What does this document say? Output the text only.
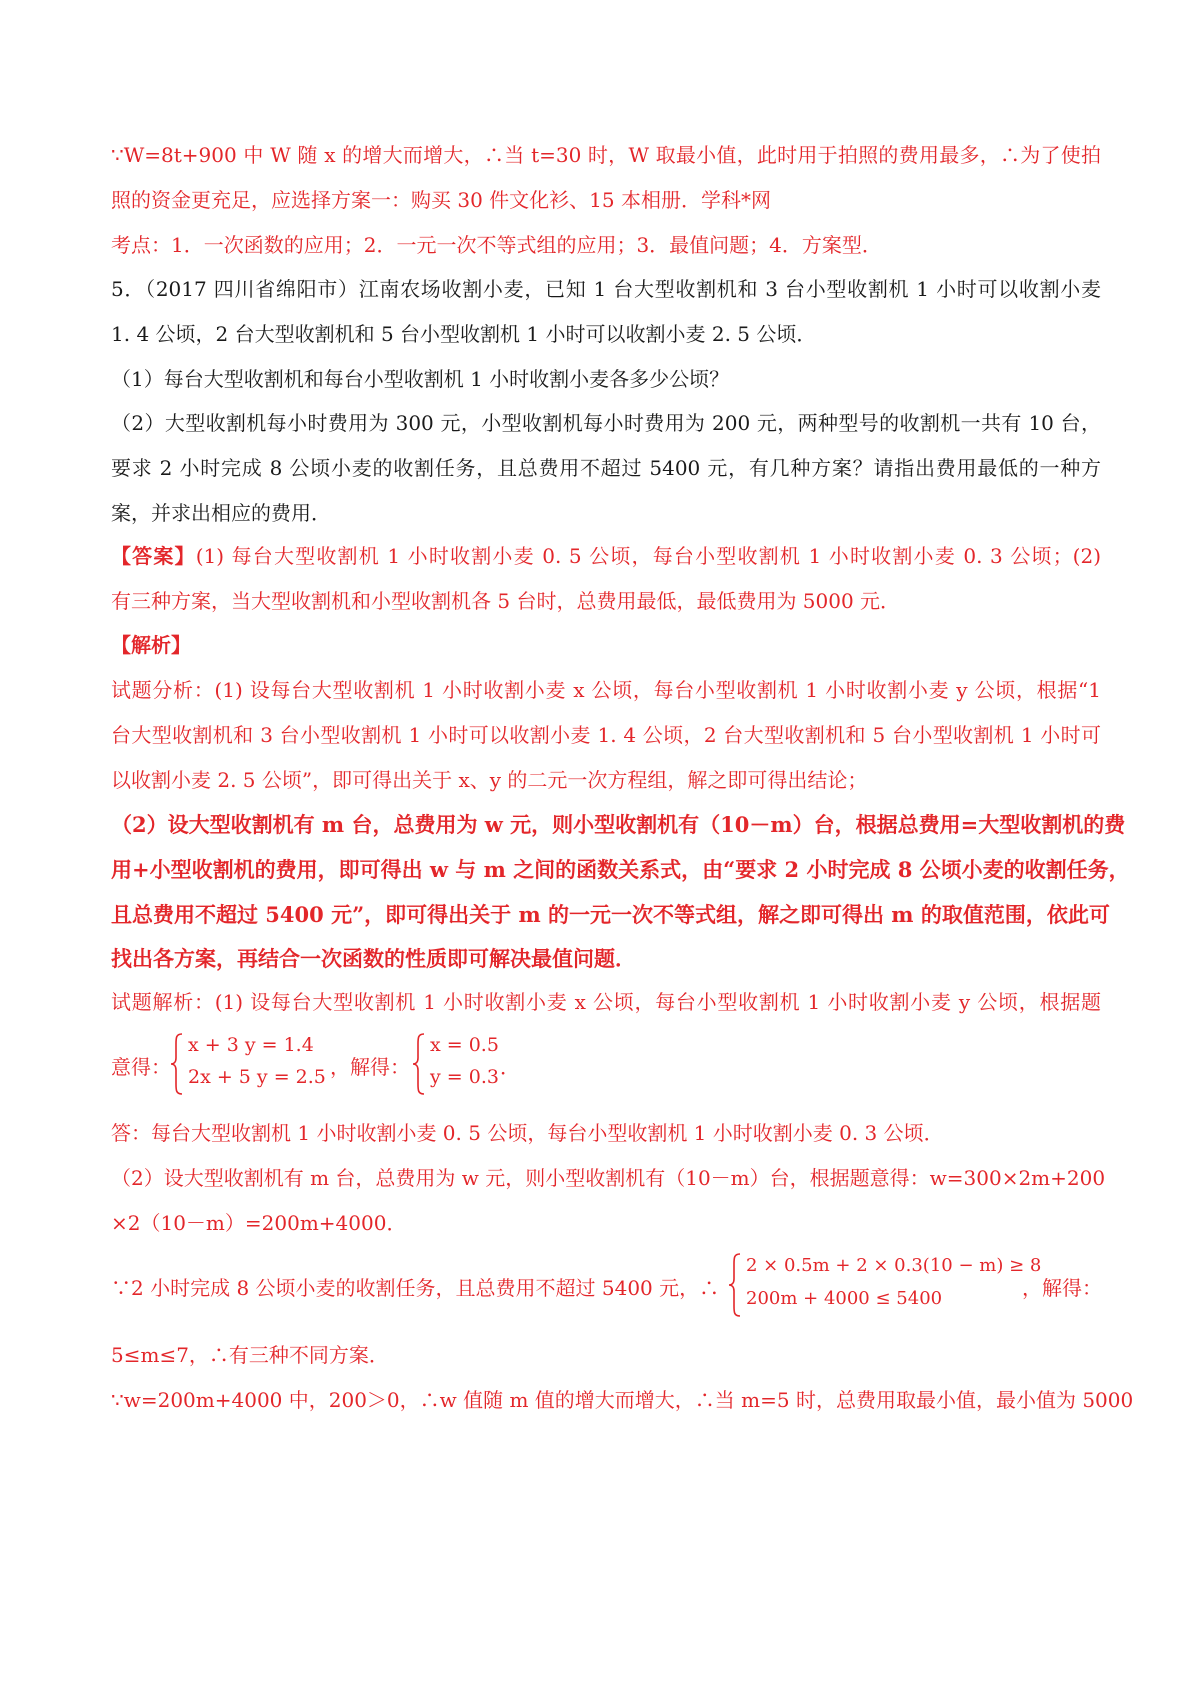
∵W=8t+900 中 W 随 x 的增大而增大，∴当 t=30 时，W 取最小值，此时用于拍照的费用最多，∴为了使拍
照的资金更充足，应选择方案一：购买 30 件文化衫、15 本相册．学科*网
考点：1．一次函数的应用；2．一元一次不等式组的应用；3．最值问题；4．方案型．
5．（2017 四川省绵阳市）江南农场收割小麦，已知 1 台大型收割机和 3 台小型收割机 1 小时可以收割小麦
1. 4 公顷，2 台大型收割机和 5 台小型收割机 1 小时可以收割小麦 2. 5 公顷．
（1）每台大型收割机和每台小型收割机 1 小时收割小麦各多少公顷？
（2）大型收割机每小时费用为 300 元，小型收割机每小时费用为 200 元，两种型号的收割机一共有 10 台，
要求 2 小时完成 8 公顷小麦的收割任务，且总费用不超过 5400 元，有几种方案？请指出费用最低的一种方
案，并求出相应的费用．
【答案】(1) 每台大型收割机 1 小时收割小麦 0. 5 公顷，每台小型收割机 1 小时收割小麦 0. 3 公顷；(2)
有三种方案，当大型收割机和小型收割机各 5 台时，总费用最低，最低费用为 5000 元．
【解析】
试题分析：(1) 设每台大型收割机 1 小时收割小麦 x 公顷，每台小型收割机 1 小时收割小麦 y 公顷，根据“1
台大型收割机和 3 台小型收割机 1 小时可以收割小麦 1. 4 公顷，2 台大型收割机和 5 台小型收割机 1 小时可
以收割小麦 2. 5 公顷”，即可得出关于 x、y 的二元一次方程组，解之即可得出结论；
（2）设大型收割机有 m 台，总费用为 w 元，则小型收割机有（10－m）台，根据总费用=大型收割机的费
用+小型收割机的费用，即可得出 w 与 m 之间的函数关系式，由“要求 2 小时完成 8 公顷小麦的收割任务，
且总费用不超过 5400 元”，即可得出关于 m 的一元一次不等式组，解之即可得出 m 的取值范围，依此可
找出各方案，再结合一次函数的性质即可解决最值问题．
试题解析：(1) 设每台大型收割机 1 小时收割小麦 x 公顷，每台小型收割机 1 小时收割小麦 y 公顷，根据题
意得：
x + 3 y = 1.4
2x + 5 y = 2.5 ，解得：
x = 0.5
y = 0.3 ．
答：每台大型收割机 1 小时收割小麦 0. 5 公顷，每台小型收割机 1 小时收割小麦 0. 3 公顷．
（2）设大型收割机有 m 台，总费用为 w 元，则小型收割机有（10－m）台，根据题意得：w=300×2m+200
×2（10－m）=200m+4000．
∵2 小时完成 8 公顷小麦的收割任务，且总费用不超过 5400 元，∴
2 × 0.5m + 2 × 0.3(10 − m) ≥ 8
200m + 4000 ≤ 5400	，解得：
5≤m≤7，∴有三种不同方案．
∵w=200m+4000 中，200＞0，∴w 值随 m 值的增大而增大，∴当 m=5 时，总费用取最小值，最小值为 5000
